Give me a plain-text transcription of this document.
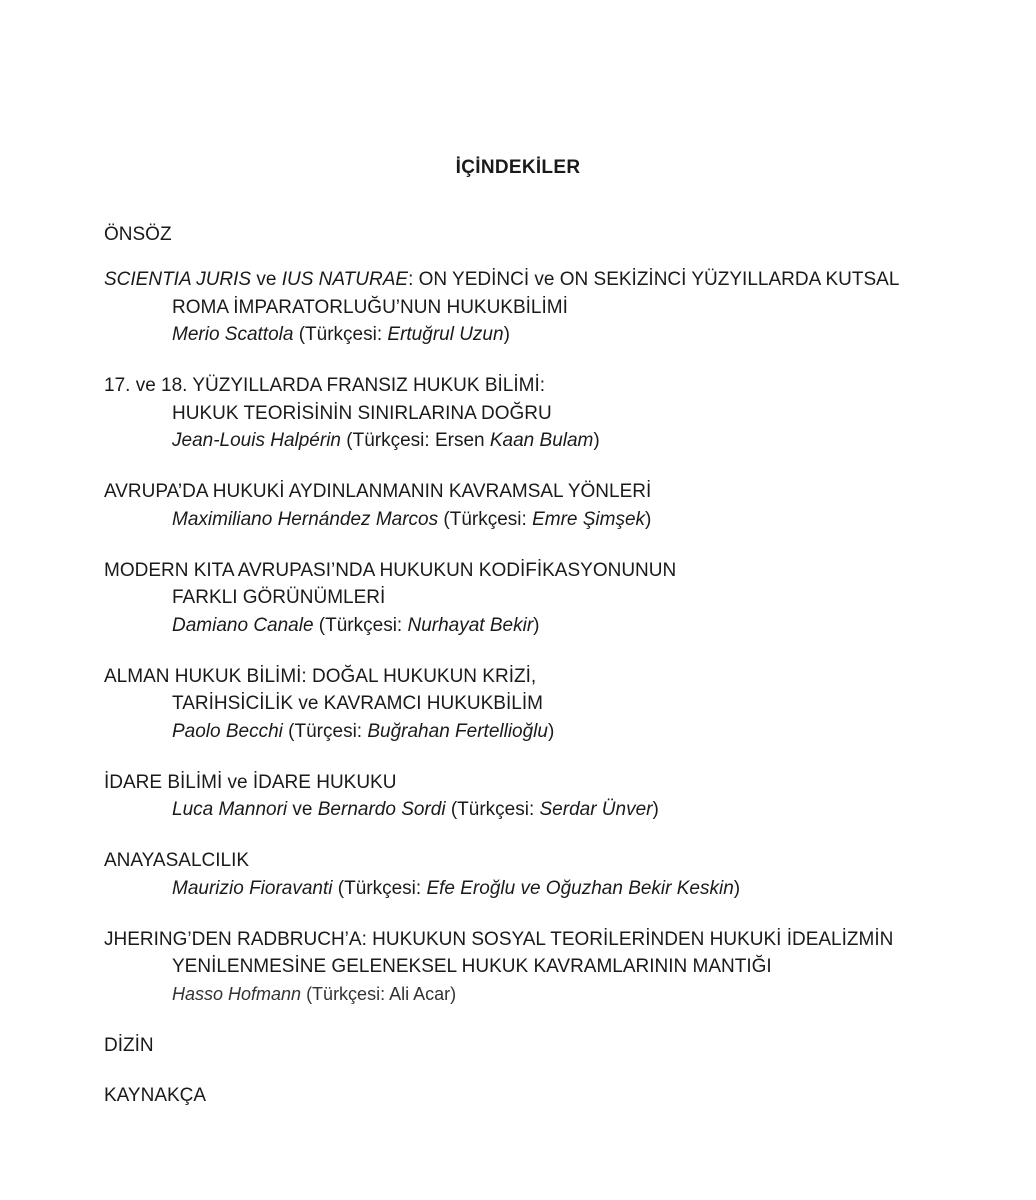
İÇİNDEKİLER
ÖNSÖZ
SCIENTIA JURIS ve IUS NATURAE: ON YEDİNCİ ve ON SEKİZİNCİ YÜZYILLARDA KUTSAL
ROMA İMPARATORLUĞU’NUN HUKUKBİLİMİ
Merio Scattola (Türkçesi: Ertuğrul Uzun)
17. ve 18. YÜZYILLARDA FRANSIZ HUKUK BİLİMİ:
HUKUK TEORİSİNİN SINIRLARINA DOĞRU
Jean-Louis Halpérin (Türkçesi: Ersen Kaan Bulam)
AVRUPA’DA HUKUKİ AYDINLANMANIN KAVRAMSAL YÖNLERİ
Maximiliano Hernández Marcos (Türkçesi: Emre Şimşek)
MODERN KITA AVRUPASI’NDA HUKUKUN KODİFİKASYONUNUN
FARKLI GÖRÜNÜMLERİ
Damiano Canale (Türkçesi: Nurhayat Bekir)
ALMAN HUKUK BİLİMİ: DOĞAL HUKUKUN KRİZİ,
TARİHSİCİLİK ve KAVRAMCI HUKUKBİLİM
Paolo Becchi (Türçesi: Buğrahan Fertellioğlu)
İDARE BİLİMİ ve İDARE HUKUKU
Luca Mannori ve Bernardo Sordi (Türkçesi: Serdar Ünver)
ANAYASALCILIK
Maurizio Fioravanti (Türkçesi: Efe Eroğlu ve Oğuzhan Bekir Keskin)
JHERING’DEN RADBRUCH’A: HUKUKUN SOSYAL TEORİLERİNDEN HUKUKİ İDEALİZMİN
YENİLENMESİNE GELENEKSEL HUKUK KAVRAMLARININ MANTIĞI
Hasso Hofmann (Türkçesi: Ali Acar)
DİZİN
KAYNAKÇA
